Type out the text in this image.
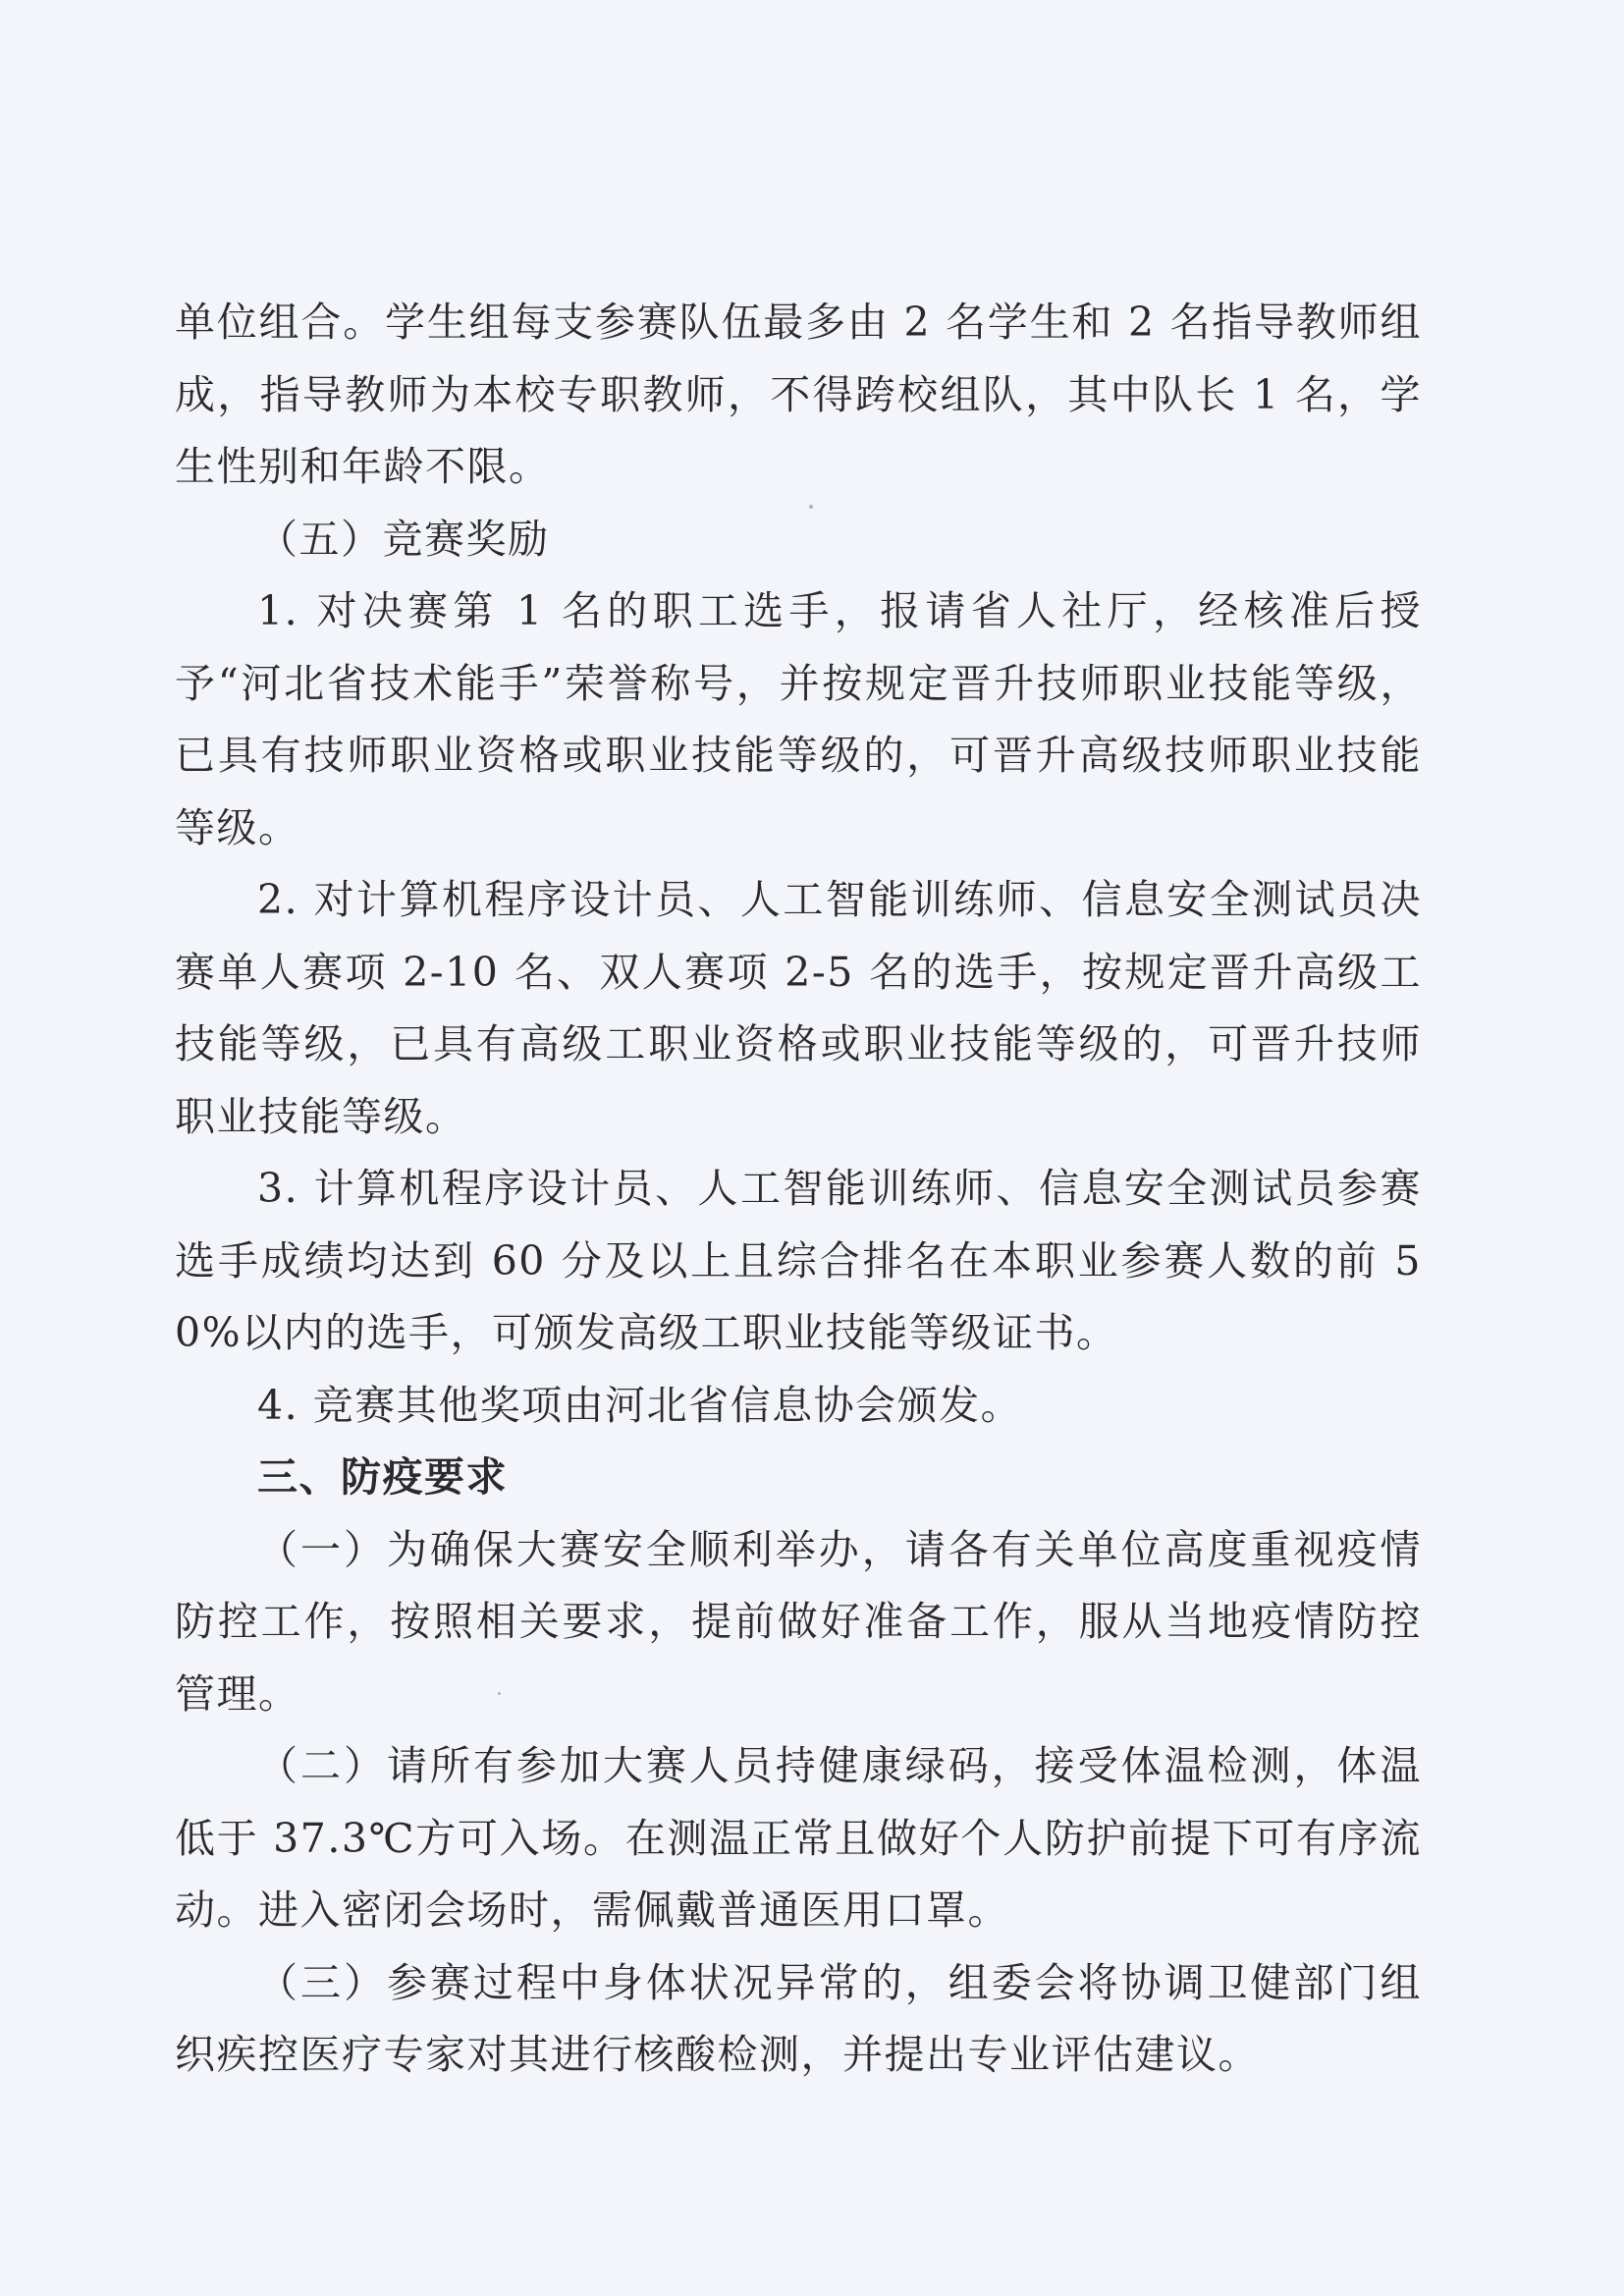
单位组合。学生组每支参赛队伍最多由 2 名学生和 2 名指导教师组成，指导教师为本校专职教师，不得跨校组队，其中队长 1 名，学生性别和年龄不限。

（五）竞赛奖励

1. 对决赛第 1 名的职工选手，报请省人社厅，经核准后授予“河北省技术能手”荣誉称号，并按规定晋升技师职业技能等级，已具有技师职业资格或职业技能等级的，可晋升高级技师职业技能等级。

2. 对计算机程序设计员、人工智能训练师、信息安全测试员决赛单人赛项 2-10 名、双人赛项 2-5 名的选手，按规定晋升高级工技能等级，已具有高级工职业资格或职业技能等级的，可晋升技师职业技能等级。

3. 计算机程序设计员、人工智能训练师、信息安全测试员参赛选手成绩均达到 60 分及以上且综合排名在本职业参赛人数的前 50%以内的选手，可颁发高级工职业技能等级证书。

4. 竞赛其他奖项由河北省信息协会颁发。

三、防疫要求

（一）为确保大赛安全顺利举办，请各有关单位高度重视疫情防控工作，按照相关要求，提前做好准备工作，服从当地疫情防控管理。

（二）请所有参加大赛人员持健康绿码，接受体温检测，体温低于 37.3℃方可入场。在测温正常且做好个人防护前提下可有序流动。进入密闭会场时，需佩戴普通医用口罩。

（三）参赛过程中身体状况异常的，组委会将协调卫健部门组织疾控医疗专家对其进行核酸检测，并提出专业评估建议。
